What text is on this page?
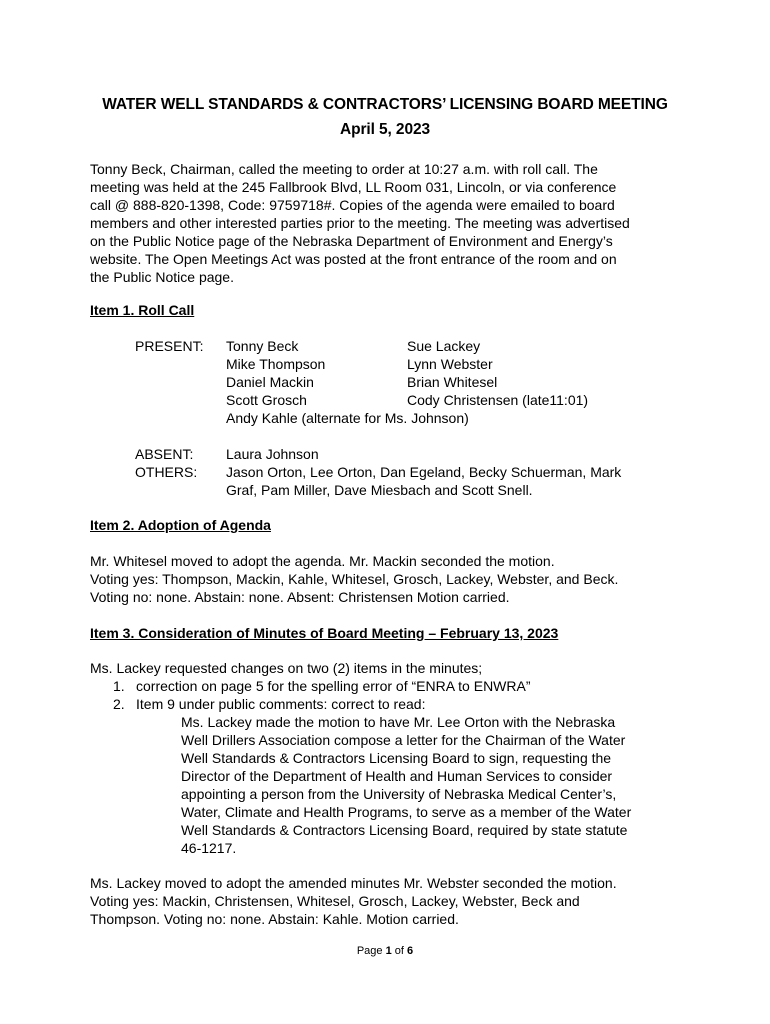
WATER WELL STANDARDS & CONTRACTORS’ LICENSING BOARD MEETING
April 5, 2023
Tonny Beck, Chairman, called the meeting to order at 10:27 a.m. with roll call. The
meeting was held at the 245 Fallbrook Blvd, LL Room 031, Lincoln, or via conference
call @ 888-820-1398, Code: 9759718#. Copies of the agenda were emailed to board
members and other interested parties prior to the meeting. The meeting was advertised
on the Public Notice page of the Nebraska Department of Environment and Energy’s
website. The Open Meetings Act was posted at the front entrance of the room and on
the Public Notice page.
Item 1. Roll Call
PRESENT: Tonny Beck
Mike Thompson
Daniel Mackin
Scott Grosch
Andy Kahle (alternate for Ms. Johnson)
Sue Lackey
Lynn Webster
Brian Whitesel
Cody Christensen (late11:01)
ABSENT: Laura Johnson
OTHERS: Jason Orton, Lee Orton, Dan Egeland, Becky Schuerman, Mark
Graf, Pam Miller, Dave Miesbach and Scott Snell.
Item 2. Adoption of Agenda
Mr. Whitesel moved to adopt the agenda. Mr. Mackin seconded the motion.
Voting yes: Thompson, Mackin, Kahle, Whitesel, Grosch, Lackey, Webster, and Beck.
Voting no: none. Abstain: none. Absent: Christensen Motion carried.
Item 3. Consideration of Minutes of Board Meeting – February 13, 2023
Ms. Lackey requested changes on two (2) items in the minutes;
1. correction on page 5 for the spelling error of “ENRA to ENWRA”
2. Item 9 under public comments: correct to read:
Ms. Lackey made the motion to have Mr. Lee Orton with the Nebraska
Well Drillers Association compose a letter for the Chairman of the Water
Well Standards & Contractors Licensing Board to sign, requesting the
Director of the Department of Health and Human Services to consider
appointing a person from the University of Nebraska Medical Center’s,
Water, Climate and Health Programs, to serve as a member of the Water
Well Standards & Contractors Licensing Board, required by state statute
46-1217.
Ms. Lackey moved to adopt the amended minutes Mr. Webster seconded the motion.
Voting yes: Mackin, Christensen, Whitesel, Grosch, Lackey, Webster, Beck and
Thompson. Voting no: none. Abstain: Kahle. Motion carried.
Page 1 of 6
